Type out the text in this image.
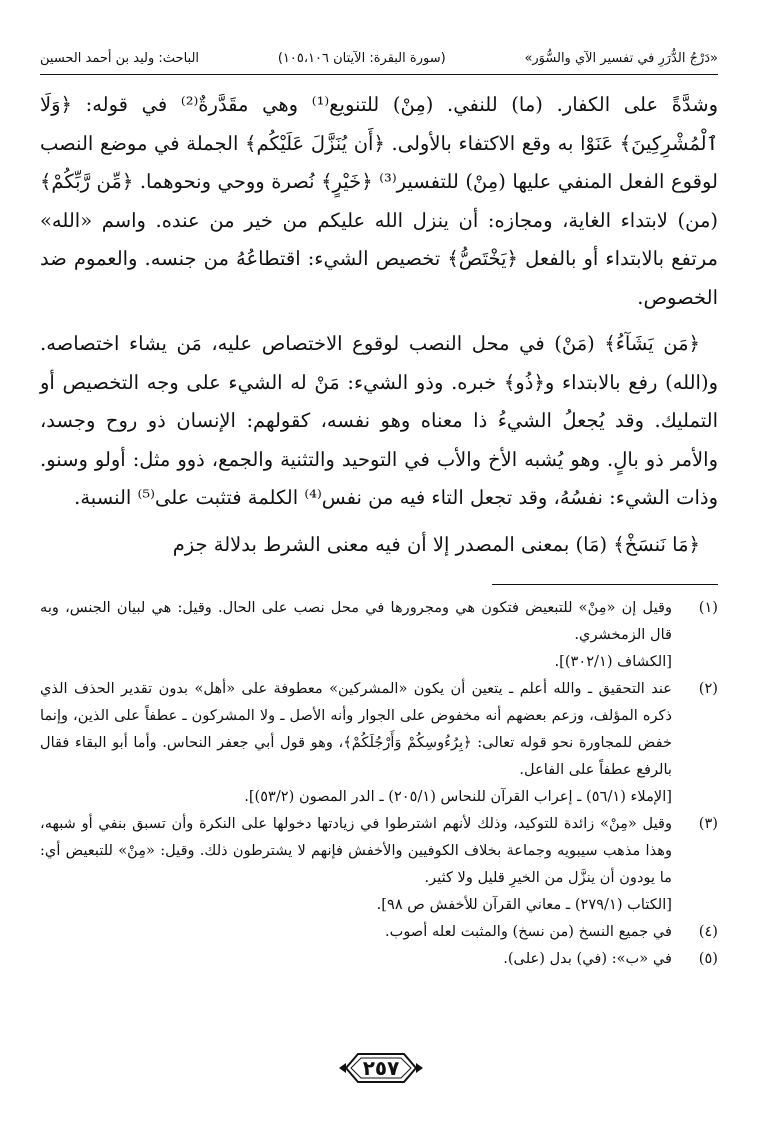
«دَرْجُ الدُّرَرِ في تفسير الآي والسُّوَر»
(سورة البقرة: الآيتان ١٠٥،١٠٦)
الباحث: وليد بن أحمد الحسين

وشدَّةً على الكفار. (ما) للنفي. (مِنْ) للتنويع⁽¹⁾ وهي مقَدَّرةٌ⁽²⁾ في قوله: ﴿وَلَا ٱلْمُشْرِكِينَ﴾ عَنَوْا به وقع الاكتفاء بالأولى. ﴿أَن يُنَزَّلَ عَلَيْكُم﴾ الجملة في موضع النصب لوقوع الفعل المنفي عليها (مِنْ) للتفسير⁽³⁾ ﴿خَيْرٍ﴾ نُصرة ووحي ونحوهما. ﴿مِّن رَّبِّكُمْ﴾ (من) لابتداء الغاية، ومجازه: أن ينزل الله عليكم من خير من عنده. واسم «الله» مرتفع بالابتداء أو بالفعل ﴿يَخْتَصُّ﴾ تخصيص الشيء: اقتطاعُهُ من جنسه. والعموم ضد الخصوص.

﴿مَن يَشَآءُ﴾ (مَنْ) في محل النصب لوقوع الاختصاص عليه، مَن يشاء اختصاصه. و(الله) رفع بالابتداء و﴿ذُو﴾ خبره. وذو الشيء: مَنْ له الشيء على وجه التخصيص أو التمليك. وقد يُجعلُ الشيءُ ذا معناه وهو نفسه، كقولهم: الإنسان ذو روح وجسد، والأمر ذو بالٍ. وهو يُشبه الأخ والأب في التوحيد والتثنية والجمع، ذوو مثل: أولو وسنو. وذات الشيء: نفسُهُ، وقد تجعل التاء فيه من نفس⁽⁴⁾ الكلمة فتثبت على⁽⁵⁾ النسبة.

﴿مَا نَنسَخْ﴾ (مَا) بمعنى المصدر إلا أن فيه معنى الشرط بدلالة جزم

(١)
وقيل إن «مِنْ» للتبعيض فتكون هي ومجرورها في محل نصب على الحال. وقيل: هي لبيان الجنس، وبه قال الزمخشري.
[الكشاف (٣٠٢/١)].
(٢)
عند التحقيق ـ والله أعلم ـ يتعين أن يكون «المشركين» معطوفة على «أهل» بدون تقدير الحذف الذي ذكره المؤلف، وزعم بعضهم أنه مخفوض على الجوار وأنه الأصل ـ ولا المشركون ـ عطفاً على الذين، وإنما خفض للمجاورة نحو قوله تعالى: ﴿بِرُءُوسِكُمْ وَأَرْجُلَكُمْ﴾، وهو قول أبي جعفر النحاس. وأما أبو البقاء فقال بالرفع عطفاً على الفاعل.
[الإملاء (٥٦/١) ـ إعراب القرآن للنحاس (٢٠٥/١) ـ الدر المصون (٥٣/٢)].
(٣)
وقيل «مِنْ» زائدة للتوكيد، وذلك لأنهم اشترطوا في زيادتها دخولها على النكرة وأن تسبق بنفي أو شبهه، وهذا مذهب سيبويه وجماعة بخلاف الكوفيين والأخفش فإنهم لا يشترطون ذلك. وقيل: «مِنْ» للتبعيض أي: ما يودون أن ينزَّل من الخيرِ قليل ولا كثير.
[الكتاب (٢٧٩/١) ـ معاني القرآن للأخفش ص ٩٨].
(٤)
في جميع النسخ (من نسخ) والمثبت لعله أصوب.
(٥)
في «ب»: (في) بدل (على).
٢٥٧
